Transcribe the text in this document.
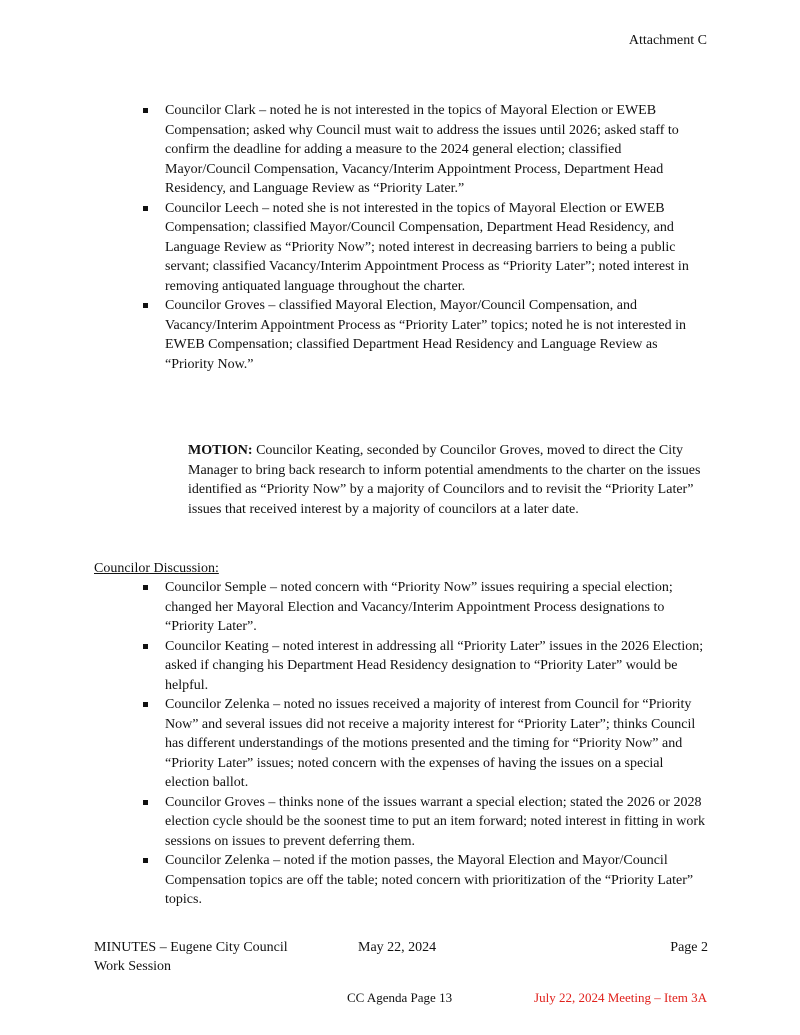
Attachment C
Councilor Clark – noted he is not interested in the topics of Mayoral Election or EWEB Compensation; asked why Council must wait to address the issues until 2026; asked staff to confirm the deadline for adding a measure to the 2024 general election; classified Mayor/Council Compensation, Vacancy/Interim Appointment Process, Department Head Residency, and Language Review as “Priority Later.”
Councilor Leech – noted she is not interested in the topics of Mayoral Election or EWEB Compensation; classified Mayor/Council Compensation, Department Head Residency, and Language Review as “Priority Now”; noted interest in decreasing barriers to being a public servant; classified Vacancy/Interim Appointment Process as “Priority Later”; noted interest in removing antiquated language throughout the charter.
Councilor Groves – classified Mayoral Election, Mayor/Council Compensation, and Vacancy/Interim Appointment Process as “Priority Later” topics; noted he is not interested in EWEB Compensation; classified Department Head Residency and Language Review as “Priority Now.”
MOTION: Councilor Keating, seconded by Councilor Groves, moved to direct the City Manager to bring back research to inform potential amendments to the charter on the issues identified as “Priority Now” by a majority of Councilors and to revisit the “Priority Later” issues that received interest by a majority of councilors at a later date.
Councilor Discussion:
Councilor Semple – noted concern with “Priority Now” issues requiring a special election; changed her Mayoral Election and Vacancy/Interim Appointment Process designations to “Priority Later”.
Councilor Keating – noted interest in addressing all “Priority Later” issues in the 2026 Election; asked if changing his Department Head Residency designation to “Priority Later” would be helpful.
Councilor Zelenka – noted no issues received a majority of interest from Council for “Priority Now” and several issues did not receive a majority interest for “Priority Later”; thinks Council has different understandings of the motions presented and the timing for “Priority Now” and “Priority Later” issues; noted concern with the expenses of having the issues on a special election ballot.
Councilor Groves – thinks none of the issues warrant a special election; stated the 2026 or 2028 election cycle should be the soonest time to put an item forward; noted interest in fitting in work sessions on issues to prevent deferring them.
Councilor Zelenka – noted if the motion passes, the Mayoral Election and Mayor/Council Compensation topics are off the table; noted concern with prioritization of the “Priority Later” topics.
MINUTES – Eugene City Council
Work Session
May 22, 2024	Page 2
CC Agenda Page 13	July 22, 2024 Meeting – Item 3A
